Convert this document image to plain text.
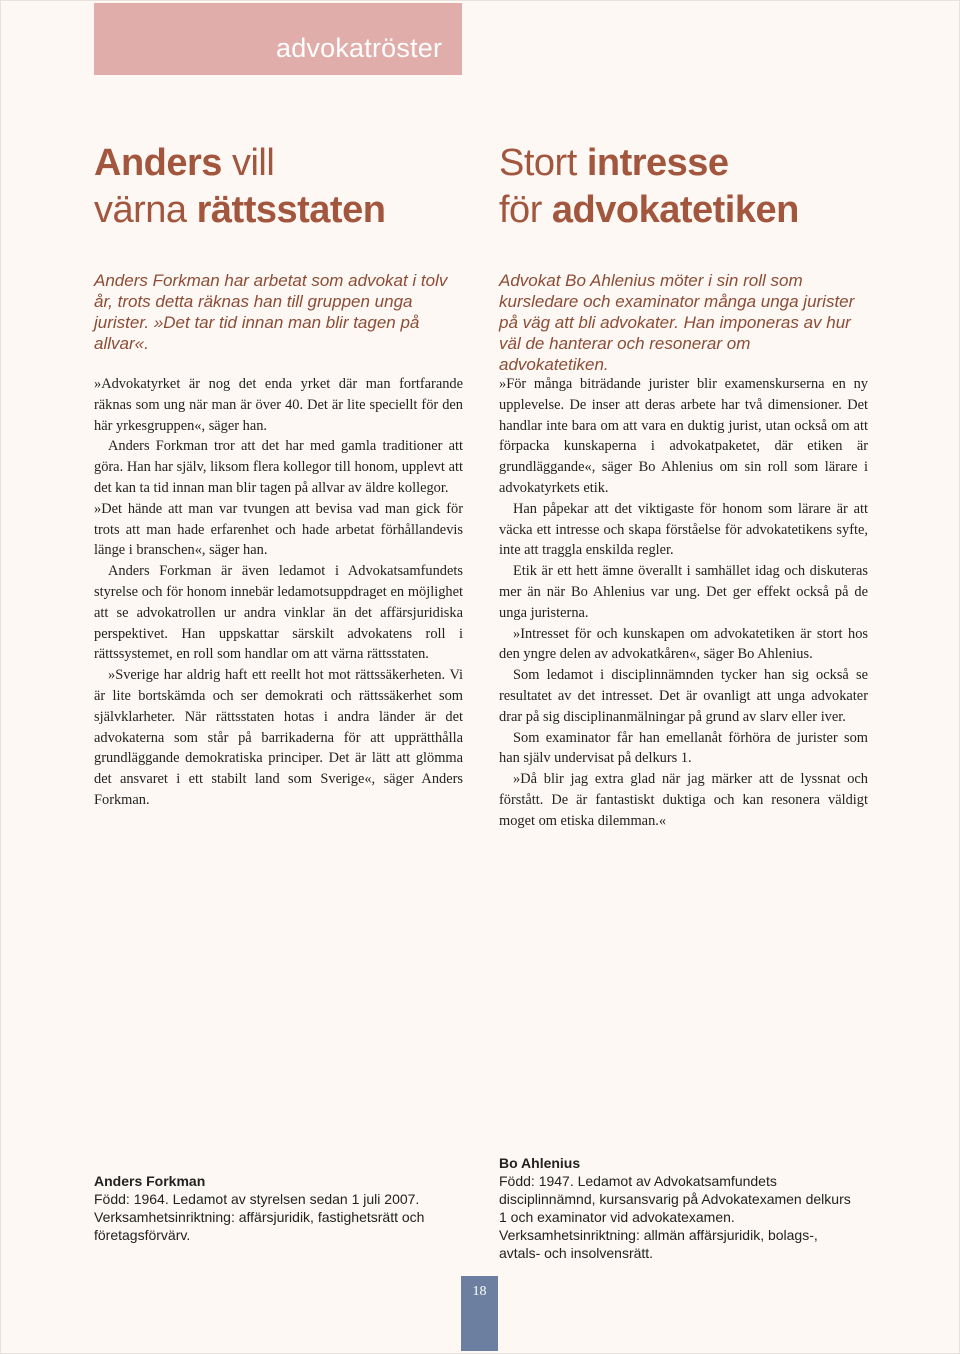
advokatröster
Anders vill
värna rättsstaten

Anders Forkman har arbetat som advokat i tolv år, trots detta räknas han till gruppen unga jurister. »Det tar tid innan man blir tagen på allvar«.

»Advokatyrket är nog det enda yrket där man fortfarande räknas som ung när man är över 40. Det är lite speciellt för den här yrkesgruppen«, säger han.

Anders Forkman tror att det har med gamla traditioner att göra. Han har själv, liksom flera kollegor till honom, upplevt att det kan ta tid innan man blir tagen på allvar av äldre kollegor.

»Det hände att man var tvungen att bevisa vad man gick för trots att man hade erfarenhet och hade arbetat förhållandevis länge i branschen«, säger han.

Anders Forkman är även ledamot i Advokatsamfundets styrelse och för honom innebär ledamotsuppdraget en möjlighet att se advokatrollen ur andra vinklar än det affärsjuridiska perspektivet. Han uppskattar särskilt advokatens roll i rättssystemet, en roll som handlar om att värna rättsstaten.

»Sverige har aldrig haft ett reellt hot mot rättssäkerheten. Vi är lite bortskämda och ser demokrati och rättssäkerhet som självklarheter. När rättsstaten hotas i andra länder är det advokaterna som står på barrikaderna för att upprätthålla grundläggande demokratiska principer. Det är lätt att glömma det ansvaret i ett stabilt land som Sverige«, säger Anders Forkman.

Anders Forkman
Född: 1964. Ledamot av styrelsen sedan 1 juli 2007. Verksamhetsinriktning: affärsjuridik, fastighetsrätt och företagsförvärv.
Stort intresse
för advokatetiken

Advokat Bo Ahlenius möter i sin roll som kursledare och examinator många unga jurister på väg att bli advokater. Han imponeras av hur väl de hanterar och resonerar om advokatetiken.

»För många biträdande jurister blir examenskurserna en ny upplevelse. De inser att deras arbete har två dimensioner. Det handlar inte bara om att vara en duktig jurist, utan också om att förpacka kunskaperna i advokatpaketet, där etiken är grundläggande«, säger Bo Ahlenius om sin roll som lärare i advokatyrkets etik.

Han påpekar att det viktigaste för honom som lärare är att väcka ett intresse och skapa förståelse för advokatetikens syfte, inte att traggla enskilda regler.

Etik är ett hett ämne överallt i samhället idag och diskuteras mer än när Bo Ahlenius var ung. Det ger effekt också på de unga juristerna.

»Intresset för och kunskapen om advokatetiken är stort hos den yngre delen av advokatkåren«, säger Bo Ahlenius.

Som ledamot i disciplinnämnden tycker han sig också se resultatet av det intresset. Det är ovanligt att unga advokater drar på sig disciplinanmälningar på grund av slarv eller iver.

Som examinator får han emellanåt förhöra de jurister som han själv undervisat på delkurs 1.

»Då blir jag extra glad när jag märker att de lyssnat och förstått. De är fantastiskt duktiga och kan resonera väldigt moget om etiska dilemman.«

Bo Ahlenius
Född: 1947. Ledamot av Advokatsamfundets disciplinnämnd, kursansvarig på Advokatexamen delkurs 1 och examinator vid advokatexamen. Verksamhetsinriktning: allmän affärsjuridik, bolags-, avtals- och insolvensrätt.
18
